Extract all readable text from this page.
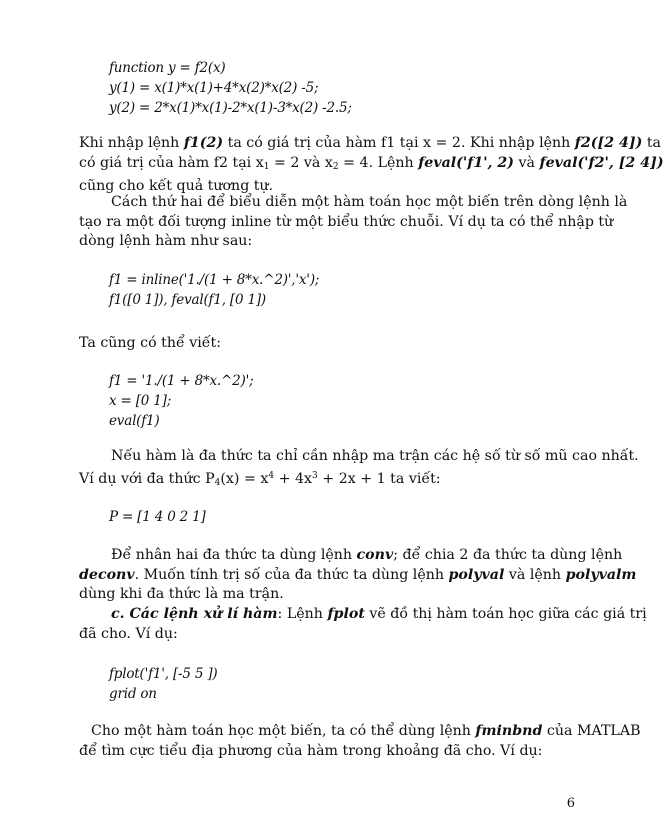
function y = f2(x)
y(1) = x(1)*x(1)+4*x(2)*x(2) -5;
y(2) = 2*x(1)*x(1)-2*x(1)-3*x(2) -2.5;
Khi nhập lệnh f1(2) ta có giá trị của hàm f1 tại x = 2. Khi nhập lệnh f2([2 4]) ta
có giá trị của hàm f2 tại $x_1 = 2$ và $x_2 = 4$. Lệnh feval('f1', 2) và feval('f2', [2 4])
cũng cho kết quả tương tự.
Cách thứ hai để biểu diễn một hàm toán học một biến trên dòng lệnh là
tạo ra một đối tượng inline từ một biểu thức chuỗi. Ví dụ ta có thể nhập từ
dòng lệnh hàm như sau:
f1 = inline('1./(1 + 8*x.^2)','x');
f1([0 1]), feval(f1, [0 1])
Ta cũng có thể viết:
f1 = '1./(1 + 8*x.^2)';
x = [0 1];
eval(f1)
Nếu hàm là đa thức ta chỉ cần nhập ma trận các hệ số từ số mũ cao nhất.
Ví dụ với đa thức $P_4(x) = x^4 + 4x^3 + 2x + 1$ ta viết:
P = [1 4 0 2 1]
Để nhân hai đa thức ta dùng lệnh conv; để chia 2 đa thức ta dùng lệnh
deconv. Muốn tính trị số của đa thức ta dùng lệnh polyval và lệnh polyvalm
dùng khi đa thức là ma trận.
c. Các lệnh xử lí hàm: Lệnh fplot vẽ đồ thị hàm toán học giữa các giá trị
đã cho. Ví dụ:
fplot('f1', [-5 5 ])
grid on
Cho một hàm toán học một biến, ta có thể dùng lệnh fminbnd của MATLAB
để tìm cực tiểu địa phương của hàm trong khoảng đã cho. Ví dụ:
6
